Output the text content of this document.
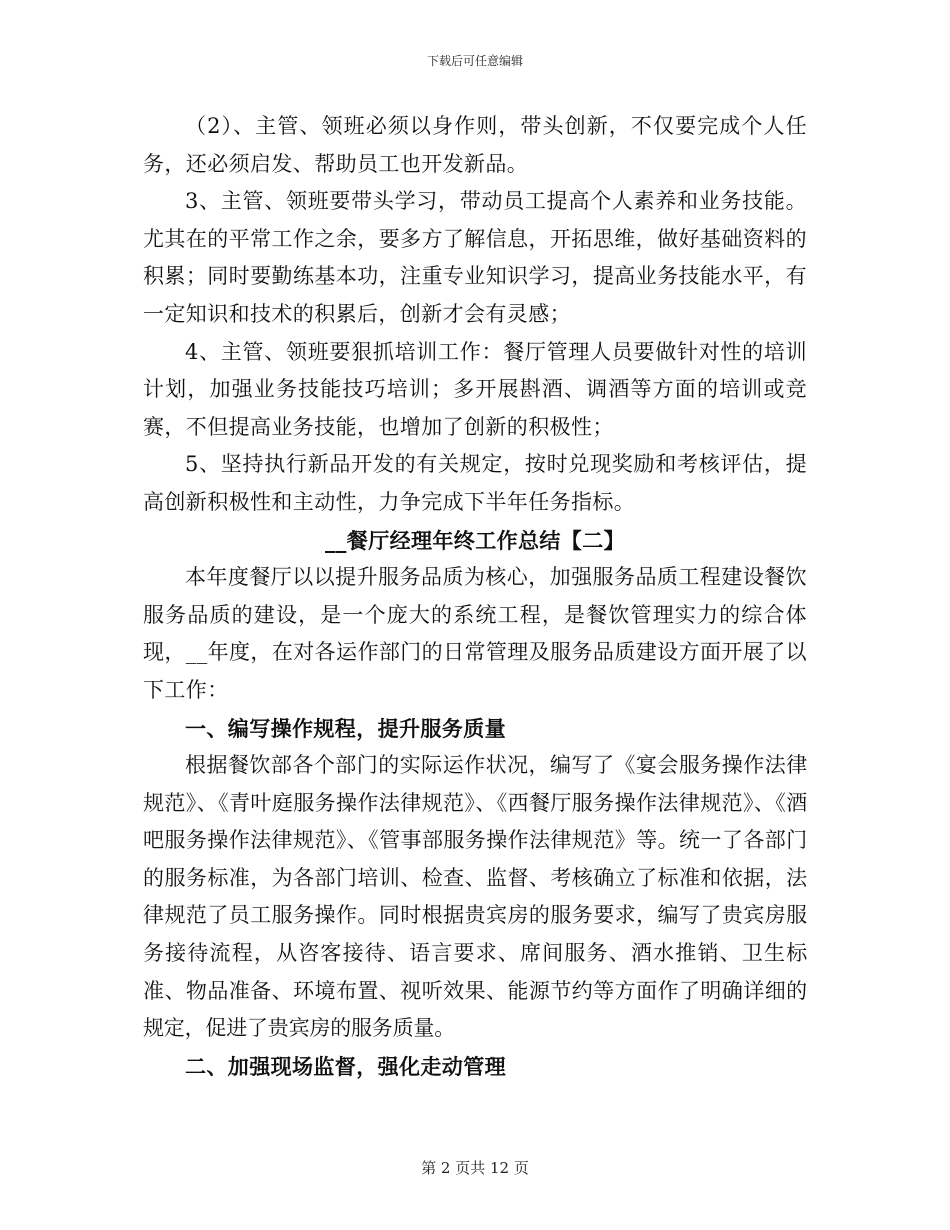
下载后可任意编辑

（2）、主管、领班必须以身作则，带头创新，不仅要完成个人任务，还必须启发、帮助员工也开发新品。

3、主管、领班要带头学习，带动员工提高个人素养和业务技能。尤其在的平常工作之余，要多方了解信息，开拓思维，做好基础资料的积累；同时要勤练基本功，注重专业知识学习，提高业务技能水平，有一定知识和技术的积累后，创新才会有灵感；

4、主管、领班要狠抓培训工作：餐厅管理人员要做针对性的培训计划，加强业务技能技巧培训；多开展斟酒、调酒等方面的培训或竞赛，不但提高业务技能，也增加了创新的积极性；

5、坚持执行新品开发的有关规定，按时兑现奖励和考核评估，提高创新积极性和主动性，力争完成下半年任务指标。

__餐厅经理年终工作总结【二】

本年度餐厅以以提升服务品质为核心，加强服务品质工程建设餐饮服务品质的建设，是一个庞大的系统工程，是餐饮管理实力的综合体现，__年度，在对各运作部门的日常管理及服务品质建设方面开展了以下工作：

一、编写操作规程，提升服务质量

根据餐饮部各个部门的实际运作状况，编写了《宴会服务操作法律规范》、《青叶庭服务操作法律规范》、《西餐厅服务操作法律规范》、《酒吧服务操作法律规范》、《管事部服务操作法律规范》等。统一了各部门的服务标准，为各部门培训、检查、监督、考核确立了标准和依据，法律规范了员工服务操作。同时根据贵宾房的服务要求，编写了贵宾房服务接待流程，从咨客接待、语言要求、席间服务、酒水推销、卫生标准、物品准备、环境布置、视听效果、能源节约等方面作了明确详细的规定，促进了贵宾房的服务质量。

二、加强现场监督，强化走动管理

第 2 页共 12 页
